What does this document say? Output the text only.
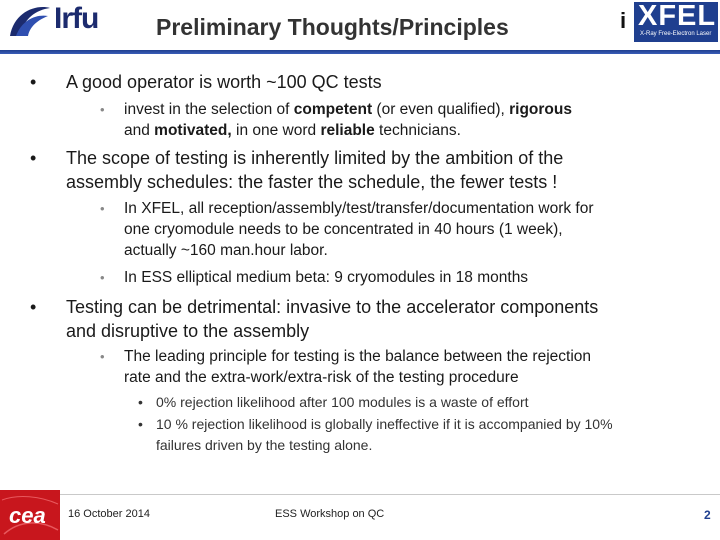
Irfu	Preliminary Thoughts/Principles	i XFEL
X-Ray Free-Electron Laser
• A good operator is worth ~100 QC tests
• invest in the selection of competent (or even qualified), rigorous
and motivated, in one word reliable technicians.
• The scope of testing is inherently limited by the ambition of the
assembly schedules: the faster the schedule, the fewer tests !
• In XFEL, all reception/assembly/test/transfer/documentation work for
one cryomodule needs to be concentrated in 40 hours (1 week),
actually ~160 man.hour labor.
• In ESS elliptical medium beta: 9 cryomodules in 18 months
• Testing can be detrimental: invasive to the accelerator components
and disruptive to the assembly
• The leading principle for testing is the balance between the rejection
rate and the extra-work/extra-risk of the testing procedure
• 0% rejection likelihood after 100 modules is a waste of effort
• 10 % rejection likelihood is globally ineffective if it is accompanied by 10%
failures driven by the testing alone.
cea 16 October 2014	ESS Workshop on QC	2
